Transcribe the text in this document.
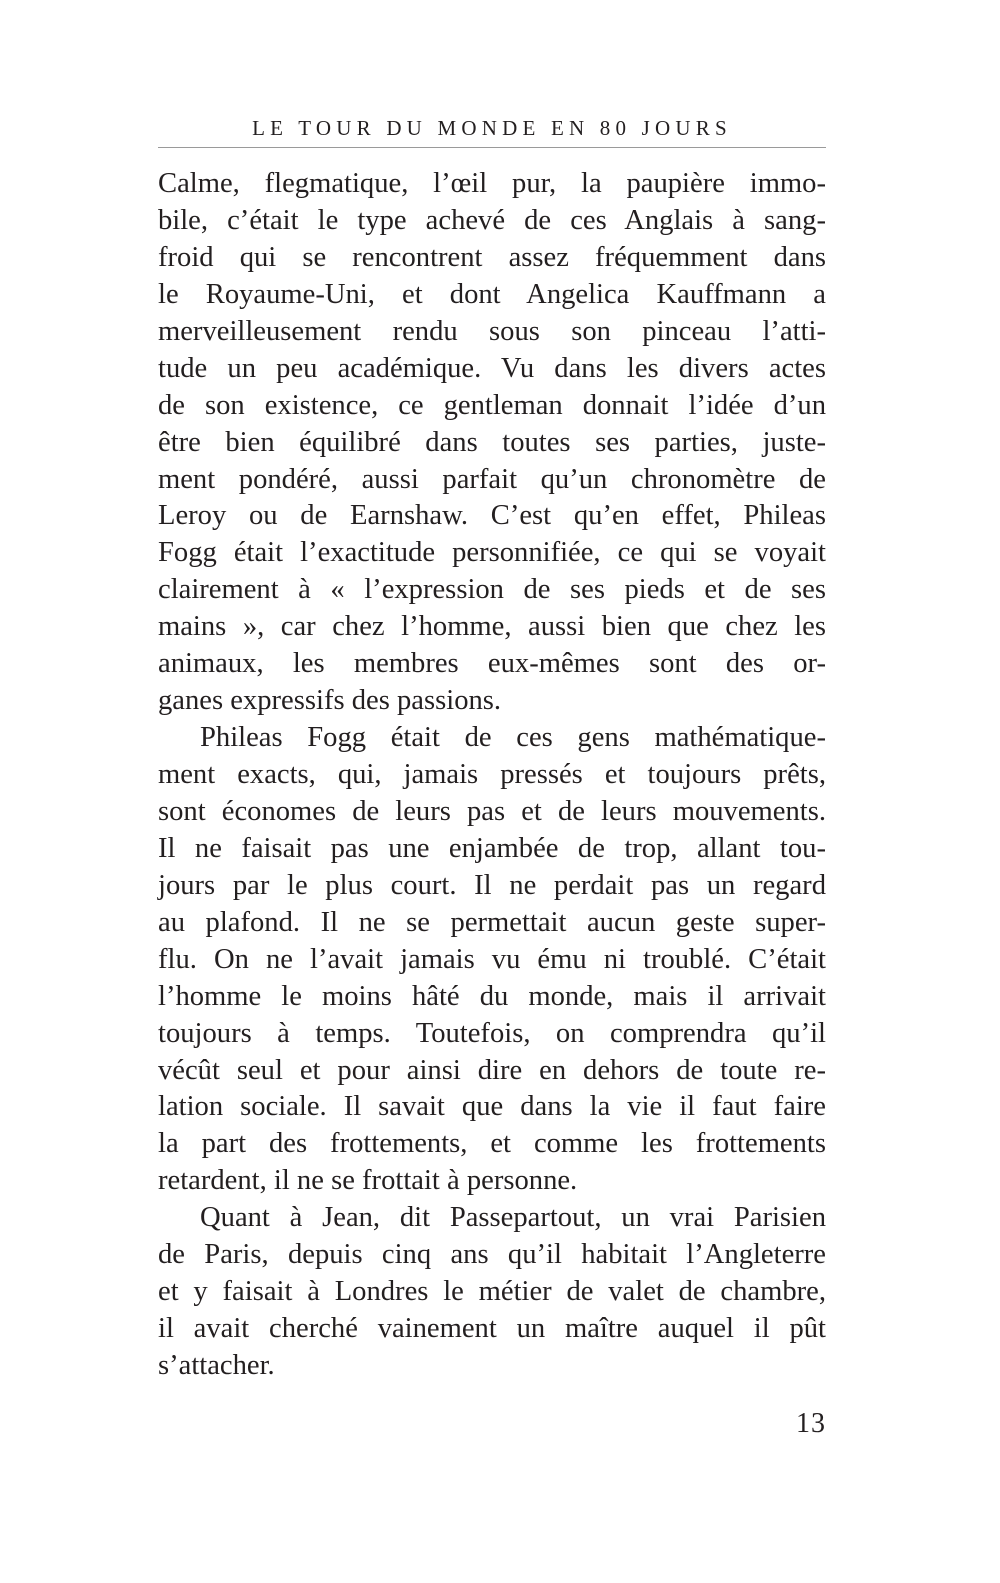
LE TOUR DU MONDE EN 80 JOURS
Calme, flegmatique, l’œil pur, la paupière immo-
bile, c’était le type achevé de ces Anglais à sang-
froid qui se rencontrent assez fréquemment dans
le Royaume-Uni, et dont Angelica Kauffmann a
merveilleusement rendu sous son pinceau l’atti-
tude un peu académique. Vu dans les divers actes
de son existence, ce gentleman donnait l’idée d’un
être bien équilibré dans toutes ses parties, juste-
ment pondéré, aussi parfait qu’un chronomètre de
Leroy ou de Earnshaw. C’est qu’en effet, Phileas
Fogg était l’exactitude personnifiée, ce qui se voyait
clairement à « l’expression de ses pieds et de ses
mains », car chez l’homme, aussi bien que chez les
animaux, les membres eux-mêmes sont des or-
ganes expressifs des passions.
Phileas Fogg était de ces gens mathématique-
ment exacts, qui, jamais pressés et toujours prêts,
sont économes de leurs pas et de leurs mouvements.
Il ne faisait pas une enjambée de trop, allant tou-
jours par le plus court. Il ne perdait pas un regard
au plafond. Il ne se permettait aucun geste super-
flu. On ne l’avait jamais vu ému ni troublé. C’était
l’homme le moins hâté du monde, mais il arrivait
toujours à temps. Toutefois, on comprendra qu’il
vécût seul et pour ainsi dire en dehors de toute re-
lation sociale. Il savait que dans la vie il faut faire
la part des frottements, et comme les frottements
retardent, il ne se frottait à personne.
Quant à Jean, dit Passepartout, un vrai Parisien
de Paris, depuis cinq ans qu’il habitait l’Angleterre
et y faisait à Londres le métier de valet de chambre,
il avait cherché vainement un maître auquel il pût
s’attacher.
13
